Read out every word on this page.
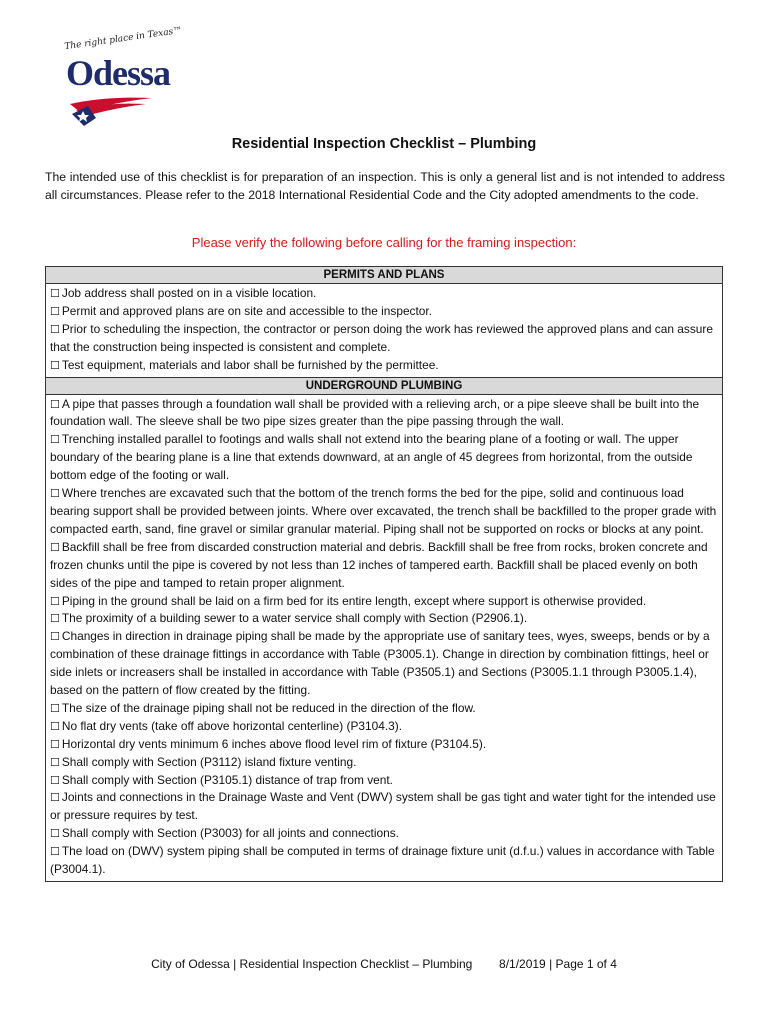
The right place in Texas™
Odessa
Residential Inspection Checklist – Plumbing
The intended use of this checklist is for preparation of an inspection. This is only a general list and is not intended to address all circumstances. Please refer to the 2018 International Residential Code and the City adopted amendments to the code.
Please verify the following before calling for the framing inspection:
PERMITS AND PLANS

☐ Job address shall posted on in a visible location.

☐ Permit and approved plans are on site and accessible to the inspector.

☐ Prior to scheduling the inspection, the contractor or person doing the work has reviewed the approved plans and can assure that the construction being inspected is consistent and complete.

☐ Test equipment, materials and labor shall be furnished by the permittee.

UNDERGROUND PLUMBING

☐ A pipe that passes through a foundation wall shall be provided with a relieving arch, or a pipe sleeve shall be built into the foundation wall. The sleeve shall be two pipe sizes greater than the pipe passing through the wall.

☐ Trenching installed parallel to footings and walls shall not extend into the bearing plane of a footing or wall. The upper boundary of the bearing plane is a line that extends downward, at an angle of 45 degrees from horizontal, from the outside bottom edge of the footing or wall.

☐ Where trenches are excavated such that the bottom of the trench forms the bed for the pipe, solid and continuous load bearing support shall be provided between joints. Where over excavated, the trench shall be backfilled to the proper grade with compacted earth, sand, fine gravel or similar granular material. Piping shall not be supported on rocks or blocks at any point.

☐ Backfill shall be free from discarded construction material and debris. Backfill shall be free from rocks, broken concrete and frozen chunks until the pipe is covered by not less than 12 inches of tampered earth. Backfill shall be placed evenly on both sides of the pipe and tamped to retain proper alignment.

☐ Piping in the ground shall be laid on a firm bed for its entire length, except where support is otherwise provided.

☐ The proximity of a building sewer to a water service shall comply with Section (P2906.1).

☐ Changes in direction in drainage piping shall be made by the appropriate use of sanitary tees, wyes, sweeps, bends or by a combination of these drainage fittings in accordance with Table (P3005.1). Change in direction by combination fittings, heel or side inlets or increasers shall be installed in accordance with Table (P3505.1) and Sections (P3005.1.1 through P3005.1.4), based on the pattern of flow created by the fitting.

☐ The size of the drainage piping shall not be reduced in the direction of the flow.

☐ No flat dry vents (take off above horizontal centerline) (P3104.3).

☐ Horizontal dry vents minimum 6 inches above flood level rim of fixture (P3104.5).

☐ Shall comply with Section (P3112) island fixture venting.

☐ Shall comply with Section (P3105.1) distance of trap from vent.

☐ Joints and connections in the Drainage Waste and Vent (DWV) system shall be gas tight and water tight for the intended use or pressure requires by test.

☐ Shall comply with Section (P3003) for all joints and connections.

☐ The load on (DWV) system piping shall be computed in terms of drainage fixture unit (d.f.u.) values in accordance with Table (P3004.1).

City of Odessa | Residential Inspection Checklist – Plumbing        8/1/2019 | Page 1 of 4
